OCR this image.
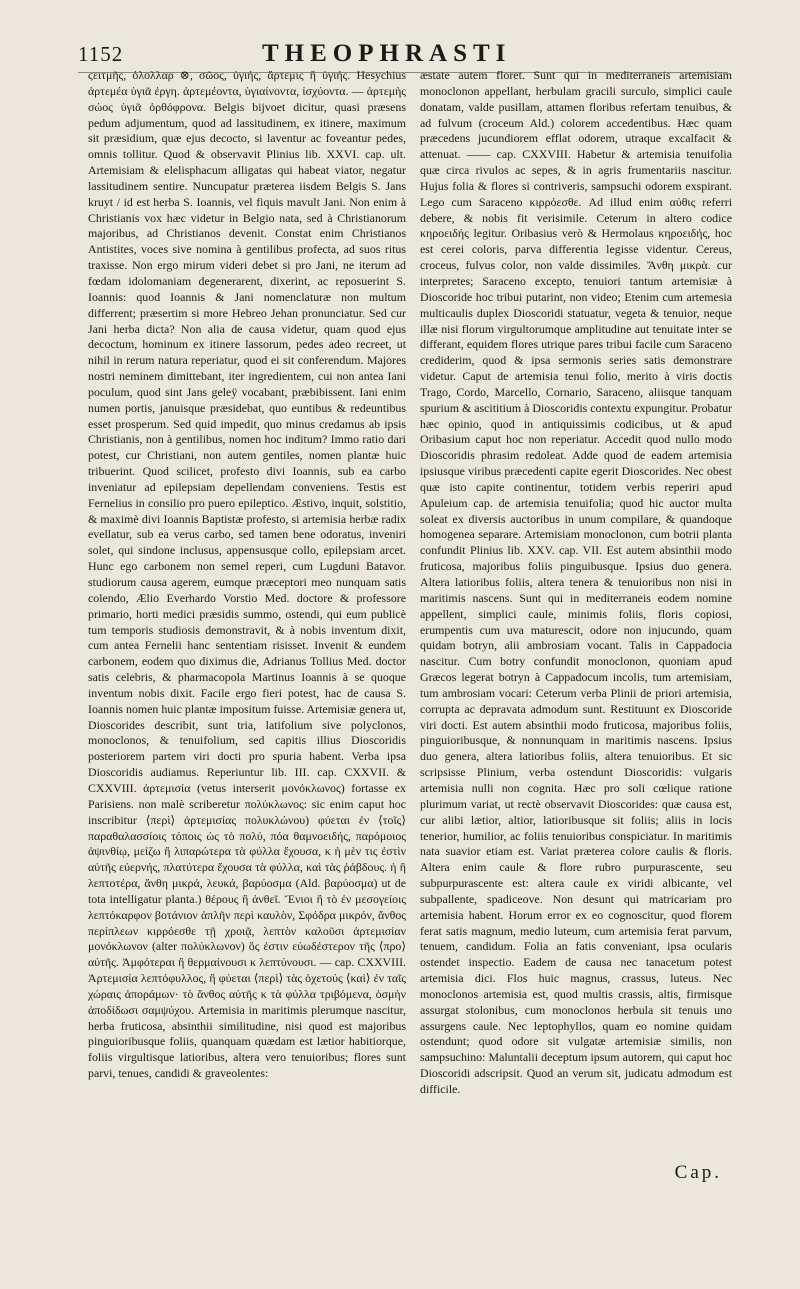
1152	THEOPHRASTI

ϛειτμῆς, ὀλολλαρ ⊗, σῶος, ὑγιής, ἄρτεμις ἢ ὑγιής. Hesychius ἀρτεμέα ὑγιᾶ ἐργη. ἀρτεμέοντα, ὑγιαίνοντα, ἰσχύοντα. — ἀρτεμὴς σώος ὑγιᾶ ὀρθόφρονα. Belgis bijvoet dicitur, quasi præsens pedum adjumentum, quod ad lassitudinem, ex itinere, maximum sit præsidium, quæ ejus decocto, si laventur ac foveantur pedes, omnis tollitur. Quod & observavit Plinius lib. XXVI. cap. ult. Artemisiam & elelisphacum alligatas qui habeat viator, negatur lassitudinem sentire. Nuncupatur præterea iisdem Belgis S. Jans kruyt / id est herba S. Ioannis, vel fiquis mavult Jani. Non enim à Christianis vox hæc videtur in Belgio nata, sed à Christianorum majoribus, ad Christianos devenit. Constat enim Christianos Antistites, voces sive nomina à gentilibus profecta, ad suos ritus traxisse. Non ergo mirum videri debet si pro Jani, ne iterum ad fœdam idolomaniam degenerarent, dixerint, ac reposuerint S. Ioannis: quod Ioannis & Jani nomenclaturæ non multum differrent; præsertim si more Hebreo Jehan pronunciatur. Sed cur Jani herba dicta? Non alia de causa videtur, quam quod ejus decoctum, hominum ex itinere lassorum, pedes adeo recreet, ut nihil in rerum natura reperiatur, quod ei sit conferendum. Majores nostri neminem dimittebant, iter ingredientem, cui non antea Iani poculum, quod sint Jans geleÿ vocabant, præbibissent. Iani enim numen portis, januisque præsidebat, quo euntibus & redeuntibus esset prosperum. Sed quid impedit, quo minus credamus ab ipsis Christianis, non à gentilibus, nomen hoc inditum? Immo ratio dari potest, cur Christiani, non autem gentiles, nomen plantæ huic tribuerint. Quod scilicet, profesto divi Ioannis, sub ea carbo inveniatur ad epilepsiam depellendam conveniens. Testis est Fernelius in consilio pro puero epileptico. Æstivo, inquit, solstitio, & maximè divi Ioannis Baptistæ profesto, si artemisia herbæ radix evellatur, sub ea verus carbo, sed tamen bene odoratus, inveniri solet, qui sindone inclusus, appensusque collo, epilepsiam arcet. Hunc ego carbonem non semel reperi, cum Lugduni Batavor. studiorum causa agerem, eumque præceptori meo nunquam satis colendo, Ælio Everhardo Vorstio Med. doctore & professore primario, horti medici præsidis summo, ostendi, qui eum publicè tum temporis studiosis demonstravit, & à nobis inventum dixit, cum antea Fernelii hanc sententiam risisset. Invenit & eundem carbonem, eodem quo diximus die, Adrianus Tollius Med. doctor satis celebris, & pharmacopola Martinus Ioannis à se quoque inventum nobis dixit. Facile ergo fieri potest, hac de causa S. Ioannis nomen huic plantæ impositum fuisse. Artemisiæ genera ut, Dioscorides describit, sunt tria, latifolium sive polyclonos, monoclonos, & tenuifolium, sed capitis illius Dioscoridis posteriorem partem viri docti pro spuria habent. Verba ipsa Dioscoridis audiamus. Reperiuntur lib. III. cap. CXXVII. & CXXVIII. ἀρτεμισία (vetus interserit μονόκλωνος) fortasse ex Parisiens. non malè scriberetur πολύκλωνος: sic enim caput hoc inscribitur ⟨περὶ⟩ ἀρτεμισίας πολυκλώνου) φύεται ἐν ⟨τοῖς⟩ παραθαλασσίοις τόποις ὡς τὸ πολύ, πόα θαμνοειδής, παρόμοιος ἀψινθίῳ, μείζω ἢ λιπαρώτερα τὰ φύλλα ἔχουσα, κ ἡ μὲν τις ἐστὶν αὐτῆς εὐερνής, πλατύτερα ἔχουσα τὰ φύλλα, καὶ τὰς ῥάβδους. ἡ ἢ λεπτοτέρα, ἄνθη μικρά, λευκά, βαρύοσμα (Ald. βαρύοσμα) ut de tota intelligatur planta.) θέρους ἢ ἀνθεῖ. Ἔνιοι ἢ τὸ ἐν μεσογείοις λεπτόκαρφον βοτάνιον ἁπλῆν περὶ καυλὸν, Σφόδρα μικρόν, ἄνθος περίπλεων κιρρόεσθε τῇ χροιᾷ, λεπτὸν καλοῦσι ἀρτεμισίαν μονόκλωνον (alter πολύκλωνον) ὃς ἐστιν εὐωδέστερον τῆς ⟨προ⟩ αὐτῆς. Ἀμφότεραι ἢ θερμαίνουσι κ λεπτύνουσι. — cap. CXXVIII. Ἀρτεμισία λεπτόφυλλος, ἣ φύεται ⟨περὶ⟩ τὰς ὁχετούς ⟨καὶ⟩ ἐν ταῖς χώραις ἀποράμων· τὸ ἄνθος αὐτῆς κ τὰ φύλλα τριβόμενα, ὀσμὴν ἀποδίδωσι σαμψύχου. Artemisia in maritimis plerumque nascitur, herba fruticosa, absinthii similitudine, nisi quod est majoribus pinguioribusque foliis, quanquam quædam est lætior habitiorque, foliis virgultisque latioribus, altera vero tenuioribus; flores sunt parvi, tenues, candidi & graveolentes:

æstate autem floret. Sunt qui in mediterraneis artemisiam monoclonon appellant, herbulam gracili surculo, simplici caule donatam, valde pusillam, attamen floribus refertam tenuibus, & ad fulvum (croceum Ald.) colorem accedentibus. Hæc quam præcedens jucundiorem efflat odorem, utraque excalfacit & attenuat. —— cap. CXXVIII. Habetur & artemisia tenuifolia quæ circa rivulos ac sepes, & in agris frumentariis nascitur. Hujus folia & flores si contriveris, sampsuchi odorem exspirant. Lego cum Saraceno κιρρόεσθε. Ad illud enim αὐθις referri debere, & nobis fit verisimile. Ceterum in altero codice κηροειδής legitur. Oribasius verò & Hermolaus κηροειδής, hoc est cerei coloris, parva differentia legisse videntur. Cereus, croceus, fulvus color, non valde dissimiles. Ἄνθη μικρὰ. cur interpretes; Saraceno excepto, tenuiori tantum artemisiæ à Dioscoride hoc tribui putarint, non video; Etenim cum artemesia multicaulis duplex Dioscoridi statuatur, vegeta & tenuior, neque illæ nisi florum virgultorumque amplitudine aut tenuitate inter se differant, equidem flores utrique pares tribui facile cum Saraceno crediderim, quod & ipsa sermonis series satis demonstrare videtur. Caput de artemisia tenui folio, merito à viris doctis Trago, Cordo, Marcello, Cornario, Saraceno, aliisque tanquam spurium & ascititium à Dioscoridis contextu expungitur. Probatur hæc opinio, quod in antiquissimis codicibus, ut & apud Oribasium caput hoc non reperiatur. Accedit quod nullo modo Dioscoridis phrasim redoleat. Adde quod de eadem artemisia ipsiusque viribus præcedenti capite egerit Dioscorides. Nec obest quæ isto capite continentur, totidem verbis reperiri apud Apuleium cap. de artemisia tenuifolia; quod hic auctor multa soleat ex diversis auctoribus in unum compilare, & quandoque homogenea separare. Artemisiam monoclonon, cum botrii planta confundit Plinius lib. XXV. cap. VII. Est autem absinthii modo fruticosa, majoribus foliis pinguibusque. Ipsius duo genera. Altera latioribus foliis, altera tenera & tenuioribus non nisi in maritimis nascens. Sunt qui in mediterraneis eodem nomine appellent, simplici caule, minimis foliis, floris copiosi, erumpentis cum uva maturescit, odore non injucundo, quam quidam botryn, alii ambrosiam vocant. Talis in Cappadocia nascitur. Cum botry confundit monoclonon, quoniam apud Græcos legerat botryn à Cappadocum incolis, tum artemisiam, tum ambrosiam vocari: Ceterum verba Plinii de priori artemisia, corrupta ac depravata admodum sunt. Restituunt ex Dioscoride viri docti. Est autem absinthii modo fruticosa, majoribus foliis, pinguioribusque, & nonnunquam in maritimis nascens. Ipsius duo genera, altera latioribus foliis, altera tenuioribus. Et sic scripsisse Plinium, verba ostendunt Dioscoridis: vulgaris artemisia nulli non cognita. Hæc pro soli cœlique ratione plurimum variat, ut rectè observavit Dioscorides: quæ causa est, cur alibi lætior, altior, latioribusque sit foliis; aliis in locis tenerior, humilior, ac foliis tenuioribus conspiciatur. In maritimis nata suavior etiam est. Variat præterea colore caulis & floris. Altera enim caule & flore rubro purpurascente, seu subpurpurascente est: altera caule ex viridi albicante, vel subpallente, spadiceove. Non desunt qui matricariam pro artemisia habent. Horum error ex eo cognoscitur, quod florem ferat satis magnum, medio luteum, cum artemisia ferat parvum, tenuem, candidum. Folia an fatis conveniant, ipsa ocularis ostendet inspectio. Eadem de causa nec tanacetum potest artemisia dici. Flos huic magnus, crassus, luteus. Nec monoclonos artemisia est, quod multis crassis, altis, firmisque assurgat stolonibus, cum monoclonos herbula sit tenuis uno assurgens caule. Nec leptophyllos, quam eo nomine quidam ostendunt; quod odore sit vulgatæ artemisiæ similis, non sampsuchino: Maluntalii deceptum ipsum autorem, qui caput hoc Dioscoridi adscripsit. Quod an verum sit, judicatu admodum est difficile.

Cap.
